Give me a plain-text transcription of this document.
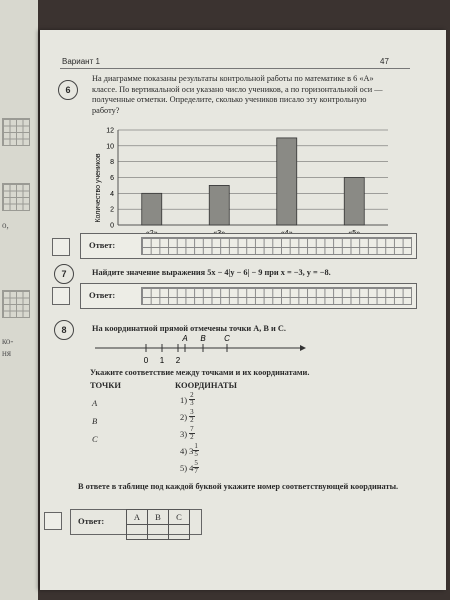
о,
ко-
ня
Вариант 1	47
6
На диаграмме показаны результаты контрольной работы по математике в 6 «А» классе. По вертикальной оси указано число учеников, а по горизонтальной оси — полученные отметки. Определите, сколько учеников писало эту контрольную работу?
0
2
4
6
8
10
12
Количество учеников
Ответ:
7	Найдите значение выражения 5x − 4|y − 6| − 9 при x = −3, y = −8.
Ответ:
8	На координатной прямой отмечены точки A, B и C.
0 1 2
A B C
Укажите соответствие между точками и их координатами.
ТОЧКИ	КООРДИНАТЫ
A
B
C
В ответе в таблице под каждой буквой укажите номер соответствующей координаты.
Ответ:	A	B	C

$1) \frac{2}{3}$
$2) \frac{3}{2}$
$3) \frac{7}{2}$
4) $3 \frac{1}{5}$
5) $4 \frac{5}{7}$
